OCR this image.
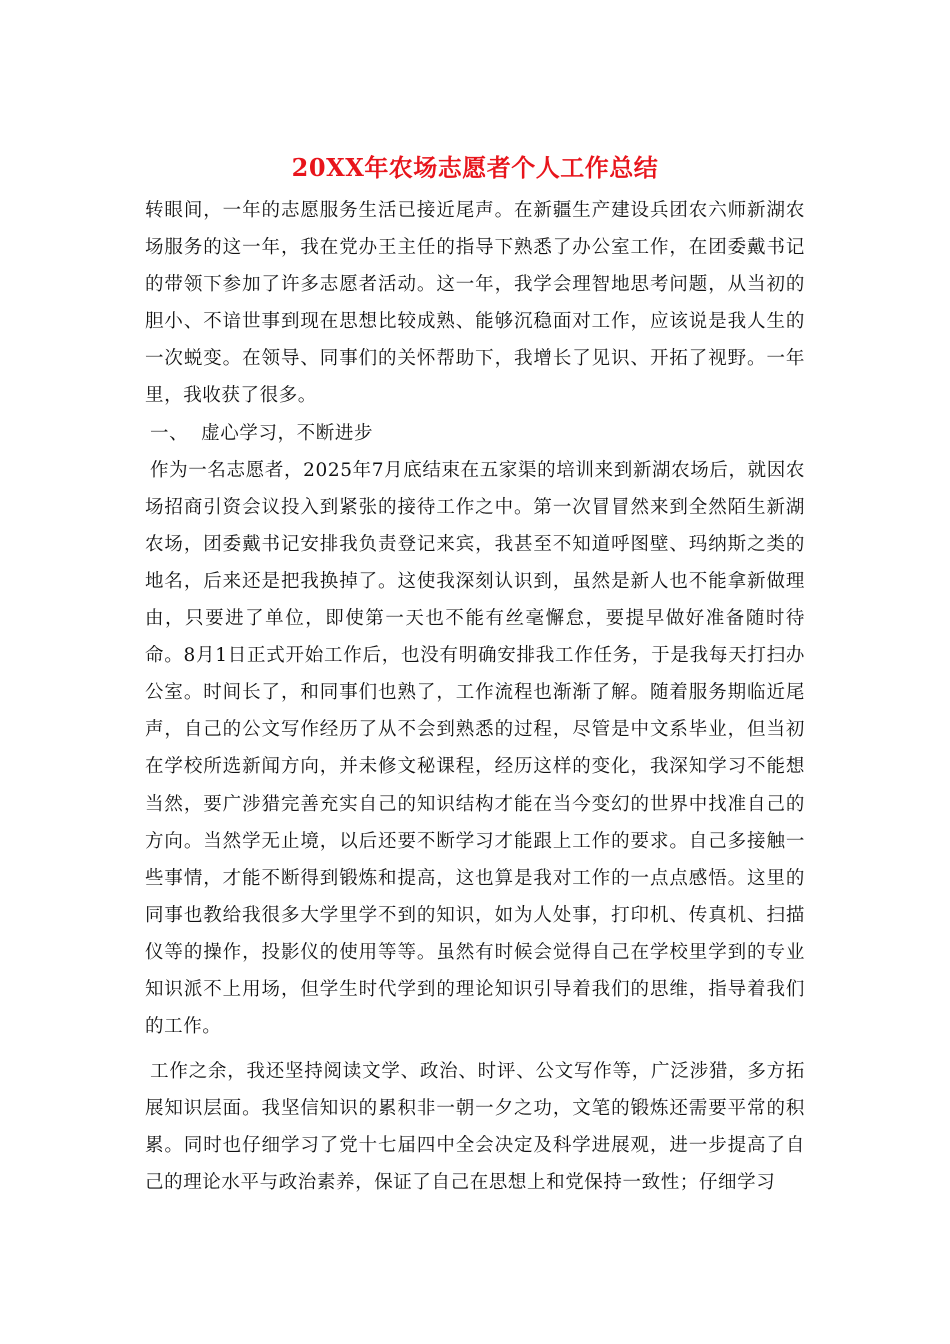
20XX年农场志愿者个人工作总结

转眼间，一年的志愿服务生活已接近尾声。在新疆生产建设兵团农六师新湖农场服务的这一年，我在党办王主任的指导下熟悉了办公室工作，在团委戴书记的带领下参加了许多志愿者活动。这一年，我学会理智地思考问题，从当初的胆小、不谙世事到现在思想比较成熟、能够沉稳面对工作，应该说是我人生的一次蜕变。在领导、同事们的关怀帮助下，我增长了见识、开拓了视野。一年里，我收获了很多。

一、  虚心学习，不断进步

作为一名志愿者，2025年7月底结束在五家渠的培训来到新湖农场后，就因农场招商引资会议投入到紧张的接待工作之中。第一次冒冒然来到全然陌生新湖农场，团委戴书记安排我负责登记来宾，我甚至不知道呼图壁、玛纳斯之类的地名，后来还是把我换掉了。这使我深刻认识到，虽然是新人也不能拿新做理由，只要进了单位，即使第一天也不能有丝毫懈怠，要提早做好准备随时待命。8月1日正式开始工作后，也没有明确安排我工作任务，于是我每天打扫办公室。时间长了，和同事们也熟了，工作流程也渐渐了解。随着服务期临近尾声，自己的公文写作经历了从不会到熟悉的过程，尽管是中文系毕业，但当初在学校所选新闻方向，并未修文秘课程，经历这样的变化，我深知学习不能想当然，要广涉猎完善充实自己的知识结构才能在当今变幻的世界中找准自己的方向。当然学无止境，以后还要不断学习才能跟上工作的要求。自己多接触一些事情，才能不断得到锻炼和提高，这也算是我对工作的一点点感悟。这里的同事也教给我很多大学里学不到的知识，如为人处事，打印机、传真机、扫描仪等的操作，投影仪的使用等等。虽然有时候会觉得自己在学校里学到的专业知识派不上用场，但学生时代学到的理论知识引导着我们的思维，指导着我们的工作。

工作之余，我还坚持阅读文学、政治、时评、公文写作等，广泛涉猎，多方拓展知识层面。我坚信知识的累积非一朝一夕之功，文笔的锻炼还需要平常的积累。同时也仔细学习了党十七届四中全会决定及科学进展观，进一步提高了自己的理论水平与政治素养，保证了自己在思想上和党保持一致性；仔细学习
